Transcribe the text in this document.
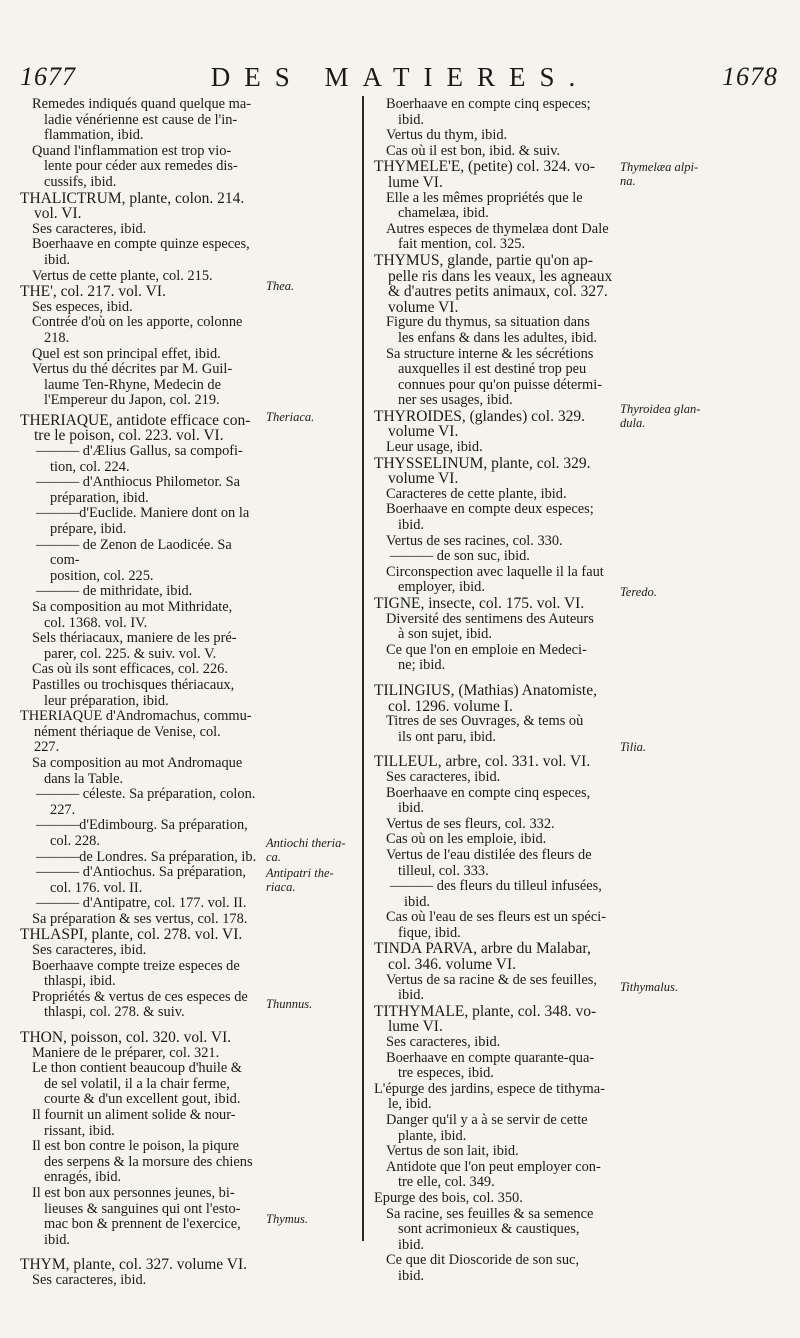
1677	DES MATIERES.	1678

Remedes indiqués quand quelque ma-
ladie vénérienne est cause de l'in-
flammation, ibid.

Quand l'inflammation est trop vio-
lente pour céder aux remedes dis-
cussifs, ibid.

THALICTRUM, plante, colon. 214.
vol. VI.

Ses caracteres, ibid.

Boerhaave en compte quinze especes,
ibid.

Vertus de cette plante, col. 215.

THE', col. 217. vol. VI.

Ses especes, ibid.

Contrée d'où on les apporte, colonne
218.

Quel est son principal effet, ibid.

Vertus du thé décrites par M. Guil-
laume Ten-Rhyne, Medecin de
l'Empereur du Japon, col. 219.

THERIAQUE, antidote efficace con-
tre le poison, col. 223. vol. VI.

——— d'Ælius Gallus, sa compofi-
tion, col. 224.

——— d'Anthiocus Philometor. Sa
préparation, ibid.

———d'Euclide. Maniere dont on la
prépare, ibid.

——— de Zenon de Laodicée. Sa com-
position, col. 225.

——— de mithridate, ibid.

Sa composition au mot Mithridate,
col. 1368. vol. IV.

Sels thériacaux, maniere de les pré-
parer, col. 225. & suiv. vol. V.

Cas où ils sont efficaces, col. 226.

Pastilles ou trochisques thériacaux,
leur préparation, ibid.

THERIAQUE d'Andromachus, commu-
nément thériaque de Venise, col.
227.

Sa composition au mot Andromaque
dans la Table.

——— céleste. Sa préparation, colon.
227.

———d'Edimbourg. Sa préparation,
col. 228.

———de Londres. Sa préparation, ib.

——— d'Antiochus. Sa préparation,
col. 176. vol. II.

——— d'Antipatre, col. 177. vol. II.

Sa préparation & ses vertus, col. 178.

THLASPI, plante, col. 278. vol. VI.

Ses caracteres, ibid.

Boerhaave compte treize especes de
thlaspi, ibid.

Propriétés & vertus de ces especes de
thlaspi, col. 278. & suiv.

THON, poisson, col. 320. vol. VI.

Maniere de le préparer, col. 321.

Le thon contient beaucoup d'huile &
de sel volatil, il a la chair ferme,
courte & d'un excellent gout, ibid.

Il fournit un aliment solide & nour-
rissant, ibid.

Il est bon contre le poison, la piqure
des serpens & la morsure des chiens
enragés, ibid.

Il est bon aux personnes jeunes, bi-
lieuses & sanguines qui ont l'esto-
mac bon & prennent de l'exercice,
ibid.

THYM, plante, col. 327. volume VI.

Ses caracteres, ibid.

Boerhaave en compte cinq especes;
ibid.

Vertus du thym, ibid.

Cas où il est bon, ibid. & suiv.

THYMELE'E, (petite) col. 324. vo-
lume VI.

Elle a les mêmes propriétés que le
chamelæa, ibid.

Autres especes de thymelæa dont Dale
fait mention, col. 325.

THYMUS, glande, partie qu'on ap-
pelle ris dans les veaux, les agneaux
& d'autres petits animaux, col. 327.
volume VI.

Figure du thymus, sa situation dans
les enfans & dans les adultes, ibid.

Sa structure interne & les sécrétions
auxquelles il est destiné trop peu
connues pour qu'on puisse détermi-
ner ses usages, ibid.

THYROIDES, (glandes) col. 329.
volume VI.

Leur usage, ibid.

THYSSELINUM, plante, col. 329.
volume VI.

Caracteres de cette plante, ibid.

Boerhaave en compte deux especes;
ibid.

Vertus de ses racines, col. 330.

——— de son suc, ibid.

Circonspection avec laquelle il la faut
employer, ibid.

TIGNE, insecte, col. 175. vol. VI.

Diversité des sentimens des Auteurs
à son sujet, ibid.

Ce que l'on en emploie en Medeci-
ne; ibid.

TILINGIUS, (Mathias) Anatomiste,
col. 1296. volume I.

Titres de ses Ouvrages, & tems où
ils ont paru, ibid.

TILLEUL, arbre, col. 331. vol. VI.

Ses caracteres, ibid.

Boerhaave en compte cinq especes,
ibid.

Vertus de ses fleurs, col. 332.

Cas où on les emploie, ibid.

Vertus de l'eau distilée des fleurs de
tilleul, col. 333.

——— des fleurs du tilleul infusées,
ibid.

Cas où l'eau de ses fleurs est un spéci-
fique, ibid.

TINDA PARVA, arbre du Malabar,
col. 346. volume VI.

Vertus de sa racine & de ses feuilles,
ibid.

TITHYMALE, plante, col. 348. vo-
lume VI.

Ses caracteres, ibid.

Boerhaave en compte quarante-qua-
tre especes, ibid.

L'épurge des jardins, espece de tithyma-
le, ibid.

Danger qu'il y a à se servir de cette
plante, ibid.

Vertus de son lait, ibid.

Antidote que l'on peut employer con-
tre elle, col. 349.

Epurge des bois, col. 350.

Sa racine, ses feuilles & sa semence
sont acrimonieux & caustiques,
ibid.

Ce que dit Dioscoride de son suc,
ibid.

Thea.
Theriaca.
Antiochi theria-
ca.
Antipatri the-
riaca.
Thunnus.
Thymus.
Thymelæa alpi-
na.
Thyroidea glan-
dula.
Teredo.
Tilia.
Tithymalus.
